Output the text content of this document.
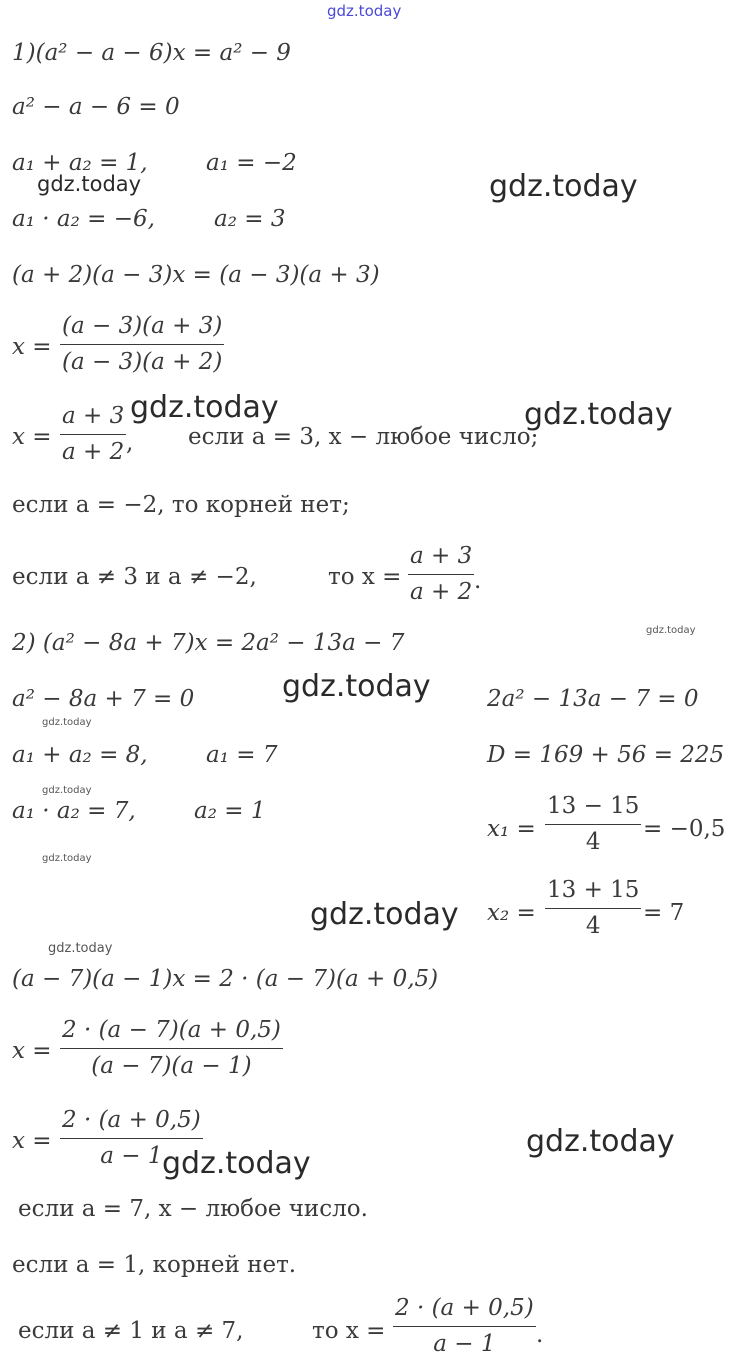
gdz.today
gdz.today	gdz.today
gdz.today	gdz.today
gdz.today
gdz.today
gdz.today
gdz.today
gdz.today
gdz.today
gdz.today
gdz.today
gdz.today
1)(a² − a − 6)x = a² − 9
a² − a − 6 = 0
a₁ + a₂ = 1,	a₁ = −2
a₁ · a₂ = −6,	a₂ = 3
(a + 2)(a − 3)x = (a − 3)(a + 3)
x =
(a − 3)(a + 3)
(a − 3)(a + 2)
x =
a + 3
a + 2 , если a = 3, x − любое число;
если a = −2, то корней нет;
если a ≠ 3 и a ≠ −2,	то x =
a + 3
a + 2 .
2) (a² − 8a + 7)x = 2a² − 13a − 7
a² − 8a + 7 = 0	2a² − 13a − 7 = 0
a₁ + a₂ = 8,	a₁ = 7	D = 169 + 56 = 225
a₁ · a₂ = 7,	a₂ = 1
x₁ =
13 − 15
4 = −0,5
x₂ =
13 + 15
4 = 7
(a − 7)(a − 1)x = 2 · (a − 7)(a + 0,5)
x =
2 · (a − 7)(a + 0,5)
(a − 7)(a − 1)
x =
2 · (a + 0,5)
a − 1
если a = 7, x − любое число.
если a = 1, корней нет.
если a ≠ 1 и a ≠ 7,	то x =
2 · (a + 0,5)
a − 1 .
